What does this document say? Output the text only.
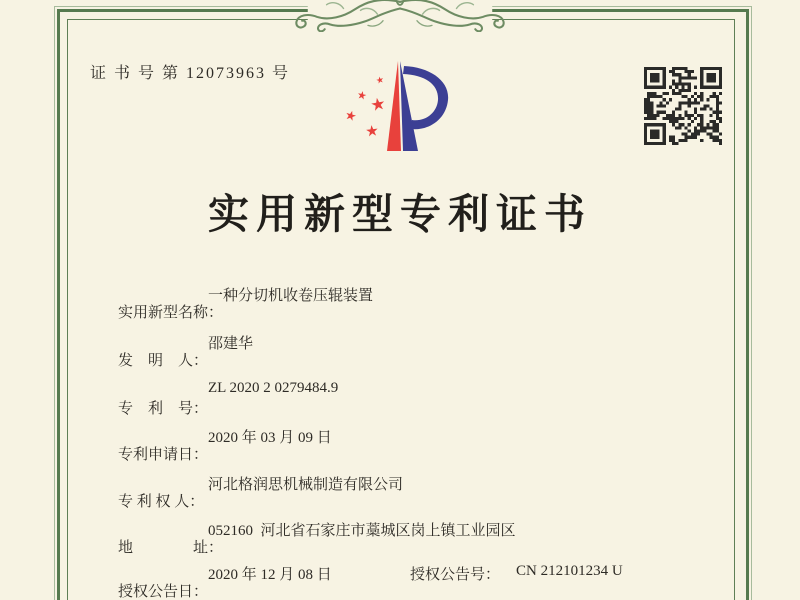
证 书 号 第 12073963 号	★
★ ★
★
★
实用新型专利证书

实用新型名称：

一种分切机收卷压辊装置

发　明　人：

邵建华

专　利　号：

ZL 2020 2 0279484.9

专利申请日：

2020 年 03 月 09 日

专 利 权 人：

河北格润思机械制造有限公司

地　　　　址：

052160  河北省石家庄市藁城区岗上镇工业园区

授权公告日：

2020 年 12 月 08 日

	授权公告号：

CN 212101234 U
